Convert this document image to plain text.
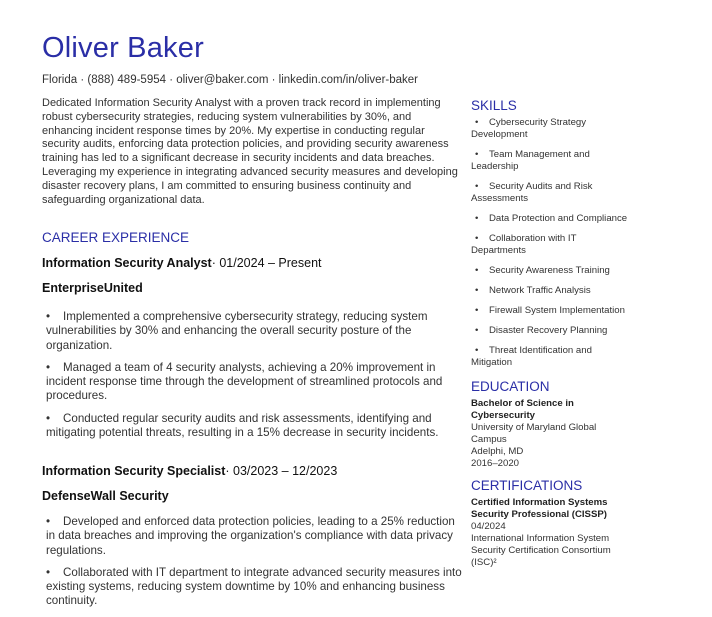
Oliver Baker
Florida · (888) 489-5954 · oliver@baker.com · linkedin.com/in/oliver-baker

Dedicated Information Security Analyst with a proven track record in implementing robust cybersecurity strategies, reducing system vulnerabilities by 30%, and enhancing incident response times by 20%. My expertise in conducting regular security audits, enforcing data protection policies, and providing security awareness training has led to a significant decrease in security incidents and data breaches. Leveraging my experience in integrating advanced security measures and developing disaster recovery plans, I am committed to ensuring business continuity and safeguarding organizational data.

CAREER EXPERIENCE
Information Security Analyst· 01/2024 – Present
EnterpriseUnited
• Implemented a comprehensive cybersecurity strategy, reducing system vulnerabilities by 30% and enhancing the overall security posture of the organization.
• Managed a team of 4 security analysts, achieving a 20% improvement in incident response time through the development of streamlined protocols and procedures.
• Conducted regular security audits and risk assessments, identifying and mitigating potential threats, resulting in a 15% decrease in security incidents.
Information Security Specialist· 03/2023 – 12/2023
DefenseWall Security
• Developed and enforced data protection policies, leading to a 25% reduction in data breaches and improving the organization's compliance with data privacy regulations.
• Collaborated with IT department to integrate advanced security measures into existing systems, reducing system downtime by 10% and enhancing business continuity.
SKILLS
• Cybersecurity Strategy Development
• Team Management and Leadership
• Security Audits and Risk Assessments
• Data Protection and Compliance
• Collaboration with IT Departments
• Security Awareness Training
• Network Traffic Analysis
• Firewall System Implementation
• Disaster Recovery Planning
• Threat Identification and Mitigation
EDUCATION
Bachelor of Science in Cybersecurity
University of Maryland Global Campus
Adelphi, MD
2016–2020
CERTIFICATIONS
Certified Information Systems Security Professional (CISSP)
04/2024
International Information System Security Certification Consortium (ISC)²
